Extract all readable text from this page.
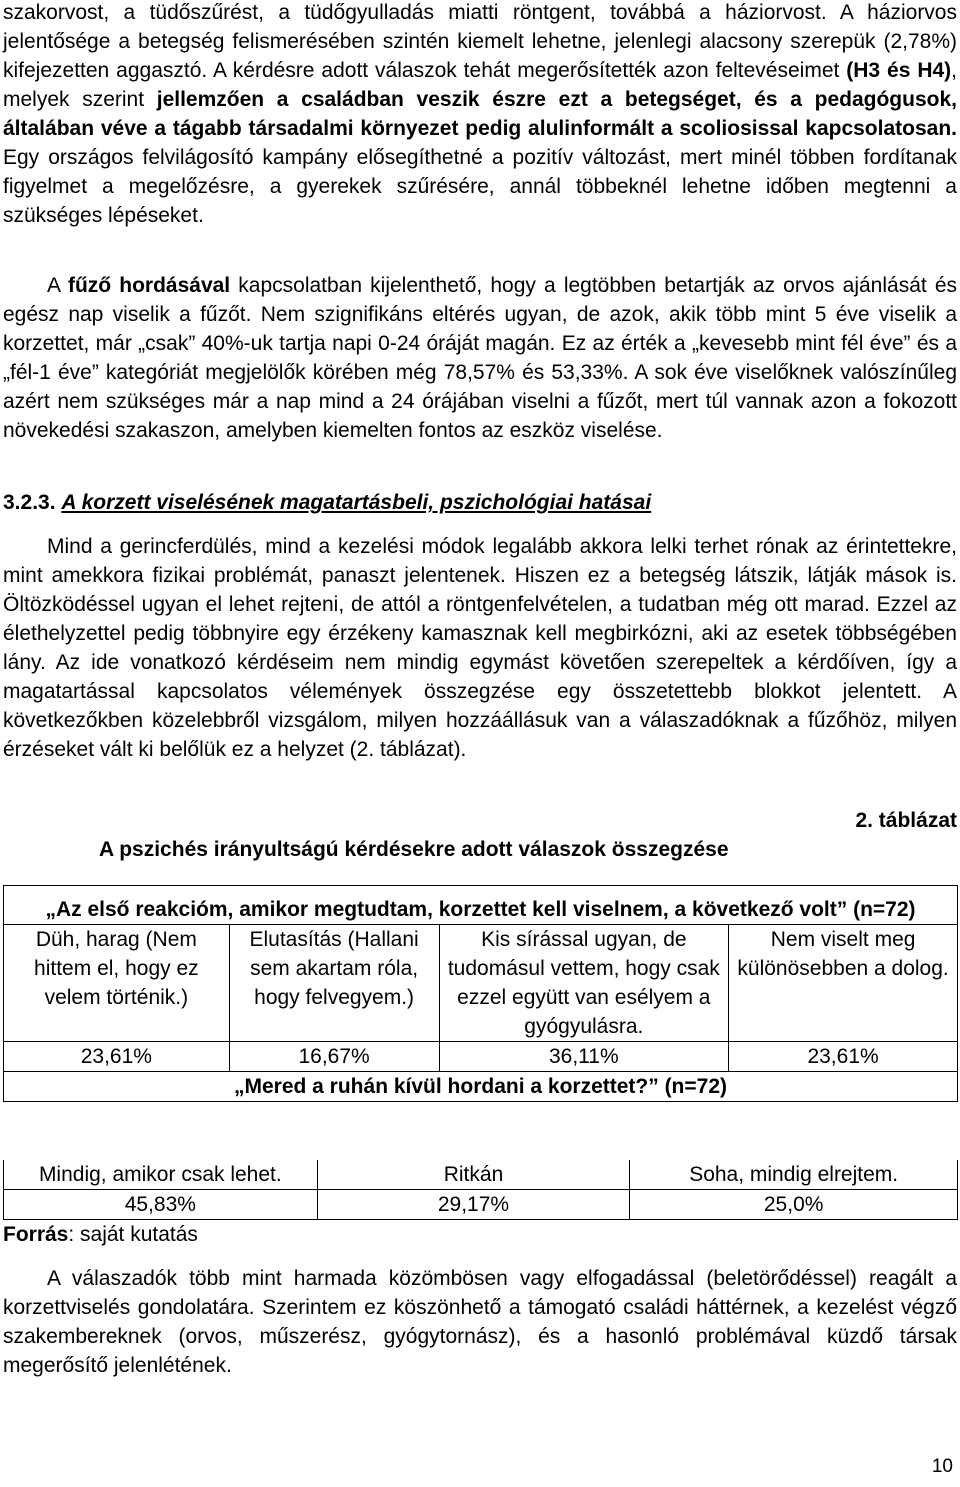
szakorvost, a tüdőszűrést, a tüdőgyulladás miatti röntgent, továbbá a háziorvost. A háziorvos jelentősége a betegség felismerésében szintén kiemelt lehetne, jelenlegi alacsony szerepük (2,78%) kifejezetten aggasztó. A kérdésre adott válaszok tehát megerősítették azon feltevéseimet (H3 és H4), melyek szerint jellemzően a családban veszik észre ezt a betegséget, és a pedagógusok, általában véve a tágabb társadalmi környezet pedig alulinformált a scoliosissal kapcsolatosan. Egy országos felvilágosító kampány elősegíthetné a pozitív változást, mert minél többen fordítanak figyelmet a megelőzésre, a gyerekek szűrésére, annál többeknél lehetne időben megtenni a szükséges lépéseket.

A fűző hordásával kapcsolatban kijelenthető, hogy a legtöbben betartják az orvos ajánlását és egész nap viselik a fűzőt. Nem szignifikáns eltérés ugyan, de azok, akik több mint 5 éve viselik a korzettet, már „csak” 40%-uk tartja napi 0-24 óráját magán. Ez az érték a „kevesebb mint fél éve” és a „fél-1 éve” kategóriát megjelölők körében még 78,57% és 53,33%. A sok éve viselőknek valószínűleg azért nem szükséges már a nap mind a 24 órájában viselni a fűzőt, mert túl vannak azon a fokozott növekedési szakaszon, amelyben kiemelten fontos az eszköz viselése.

3.2.3. A korzett viselésének magatartásbeli, pszichológiai hatásai

Mind a gerincferdülés, mind a kezelési módok legalább akkora lelki terhet rónak az érintettekre, mint amekkora fizikai problémát, panaszt jelentenek. Hiszen ez a betegség látszik, látják mások is. Öltözködéssel ugyan el lehet rejteni, de attól a röntgenfelvételen, a tudatban még ott marad. Ezzel az élethelyzettel pedig többnyire egy érzékeny kamasznak kell megbirkózni, aki az esetek többségében lány. Az ide vonatkozó kérdéseim nem mindig egymást követően szerepeltek a kérdőíven, így a magatartással kapcsolatos vélemények összegzése egy összetettebb blokkot jelentett. A következőkben közelebbről vizsgálom, milyen hozzáállásuk van a válaszadóknak a fűzőhöz, milyen érzéseket vált ki belőlük ez a helyzet (2. táblázat).

2. táblázat
A pszichés irányultságú kérdésekre adott válaszok összegzése
„Az első reakcióm, amikor megtudtam, korzettet kell viselnem, a következő volt” (n=72)			
Düh, harag (Nem hittem el, hogy ez velem történik.)	Elutasítás (Hallani sem akartam róla, hogy felvegyem.)	Kis sírással ugyan, de tudomásul vettem, hogy csak ezzel együtt van esélyem a gyógyulásra.	Nem viselt meg különösebben a dolog.
23,61%	16,67%	36,11%	23,61%
„Mered a ruhán kívül hordani a korzettet?” (n=72)			
Mindig, amikor csak lehet.	Ritkán	Soha, mindig elrejtem.
45,83%	29,17%	25,0%
Forrás: saját kutatás

A válaszadók több mint harmada közömbösen vagy elfogadással (beletörődéssel) reagált a korzettviselés gondolatára. Szerintem ez köszönhető a támogató családi háttérnek, a kezelést végző szakembereknek (orvos, műszerész, gyógytornász), és a hasonló problémával küzdő társak megerősítő jelenlétének.

10
